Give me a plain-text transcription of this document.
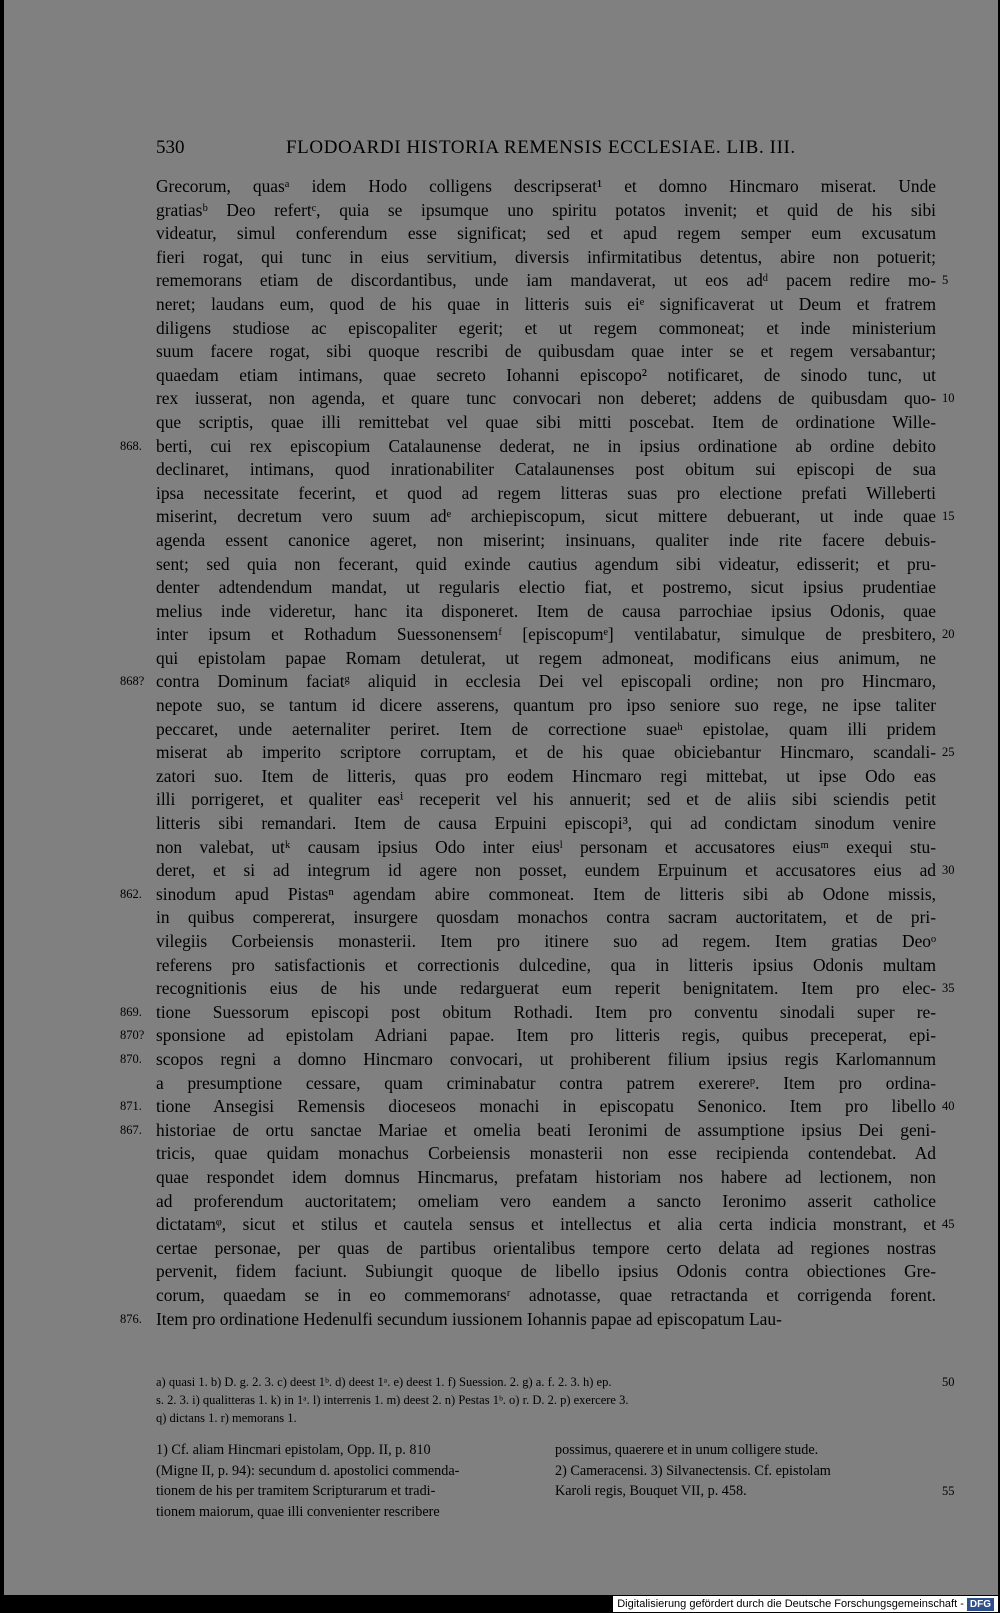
530	FLODOARDI HISTORIA REMENSIS ECCLESIAE. LIB. III.
Grecorum, quasᵃ idem Hodo colligens descripserat¹ et domno Hincmaro miserat. Unde
gratiasᵇ Deo refertᶜ, quia se ipsumque uno spiritu potatos invenit; et quid de his sibi
videatur, simul conferendum esse significat; sed et apud regem semper eum excusatum
fieri rogat, qui tunc in eius servitium, diversis infirmitatibus detentus, abire non potuerit;
rememorans etiam de discordantibus, unde iam mandaverat, ut eos adᵈ pacem redire mo- 5
neret; laudans eum, quod de his quae in litteris suis eiᵉ significaverat ut Deum et fratrem
diligens studiose ac episcopaliter egerit; et ut regem commoneat; et inde ministerium
suum facere rogat, sibi quoque rescribi de quibusdam quae inter se et regem versabantur;
quaedam etiam intimans, quae secreto Iohanni episcopo² notificaret, de sinodo tunc, ut
rex iusserat, non agenda, et quare tunc convocari non deberet; addens de quibusdam quo- 10
que scriptis, quae illi remittebat vel quae sibi mitti poscebat. Item de ordinatione Wille-
868. berti, cui rex episcopium Catalaunense dederat, ne in ipsius ordinatione ab ordine debito
declinaret, intimans, quod inrationabiliter Catalaunenses post obitum sui episcopi de sua
ipsa necessitate fecerint, et quod ad regem litteras suas pro electione prefati Willeberti
miserint, decretum vero suum adᵉ archiepiscopum, sicut mittere debuerant, ut inde quae 15
agenda essent canonice ageret, non miserint; insinuans, qualiter inde rite facere debuis-
sent; sed quia non fecerant, quid exinde cautius agendum sibi videatur, edisserit; et pru-
denter adtendendum mandat, ut regularis electio fiat, et postremo, sicut ipsius prudentiae
melius inde videretur, hanc ita disponeret. Item de causa parrochiae ipsius Odonis, quae
inter ipsum et Rothadum Suessonensemᶠ [episcopumᵉ] ventilabatur, simulque de presbitero, 20
qui epistolam papae Romam detulerat, ut regem admoneat, modificans eius animum, ne
868? contra Dominum faciatᵍ aliquid in ecclesia Dei vel episcopali ordine; non pro Hincmaro,
nepote suo, se tantum id dicere asserens, quantum pro ipso seniore suo rege, ne ipse taliter
peccaret, unde aeternaliter periret. Item de correctione suaeʰ epistolae, quam illi pridem
miserat ab imperito scriptore corruptam, et de his quae obiciebantur Hincmaro, scandali- 25
zatori suo. Item de litteris, quas pro eodem Hincmaro regi mittebat, ut ipse Odo eas
illi porrigeret, et qualiter easⁱ receperit vel his annuerit; sed et de aliis sibi sciendis petit
litteris sibi remandari. Item de causa Erpuini episcopi³, qui ad condictam sinodum venire
non valebat, utᵏ causam ipsius Odo inter eiusˡ personam et accusatores eiusᵐ exequi stu-
deret, et si ad integrum id agere non posset, eundem Erpuinum et accusatores eius ad 30
862. sinodum apud Pistasⁿ agendam abire commoneat. Item de litteris sibi ab Odone missis,
in quibus compererat, insurgere quosdam monachos contra sacram auctoritatem, et de pri-
vilegiis Corbeiensis monasterii. Item pro itinere suo ad regem. Item gratias Deoᵒ
referens pro satisfactionis et correctionis dulcedine, qua in litteris ipsius Odonis multam
recognitionis eius de his unde redarguerat eum reperit benignitatem. Item pro elec- 35
869. tione Suessorum episcopi post obitum Rothadi. Item pro conventu sinodali super re-
870? sponsione ad epistolam Adriani papae. Item pro litteris regis, quibus preceperat, epi-
870. scopos regni a domno Hincmaro convocari, ut prohiberent filium ipsius regis Karlomannum
a presumptione cessare, quam criminabatur contra patrem exerereᵖ. Item pro ordina-
871. tione Ansegisi Remensis dioceseos monachi in episcopatu Senonico. Item pro libello 40
867. historiae de ortu sanctae Mariae et omelia beati Ieronimi de assumptione ipsius Dei geni-
tricis, quae quidam monachus Corbeiensis monasterii non esse recipienda contendebat. Ad
quae respondet idem domnus Hincmarus, prefatam historiam nos habere ad lectionem, non
ad proferendum auctoritatem; omeliam vero eandem a sancto Ieronimo asserit catholice
dictatamᵠ, sicut et stilus et cautela sensus et intellectus et alia certa indicia monstrant, et 45
certae personae, per quas de partibus orientalibus tempore certo delata ad regiones nostras
pervenit, fidem faciunt. Subiungit quoque de libello ipsius Odonis contra obiectiones Gre-
corum, quaedam se in eo commemoransʳ adnotasse, quae retractanda et corrigenda forent.
876. Item pro ordinatione Hedenulfi secundum iussionem Iohannis papae ad episcopatum Lau-
a) quasi 1. b) D. g. 2. 3. c) deest 1ᵇ. d) deest 1ᵃ. e) deest 1. f) Suession. 2. g) a. f. 2. 3. h) ep.	50
s. 2. 3. i) qualitteras 1. k) in 1ᵃ. l) interrenis 1. m) deest 2. n) Pestas 1ᵇ. o) r. D. 2. p) exercere 3.
q) dictans 1. r) memorans 1.
1) Cf. aliam Hincmari epistolam, Opp. II, p. 810	possimus, quaerere et in unum colligere stude.
(Migne II, p. 94): secundum d. apostolici commenda-	2) Cameracensi. 3) Silvanectensis. Cf. epistolam
tionem de his per tramitem Scripturarum et tradi-	Karoli regis, Bouquet VII, p. 458.	55
tionem maiorum, quae illi convenienter rescribere
Digitalisierung gefördert durch die Deutsche Forschungsgemeinschaft - DFG
